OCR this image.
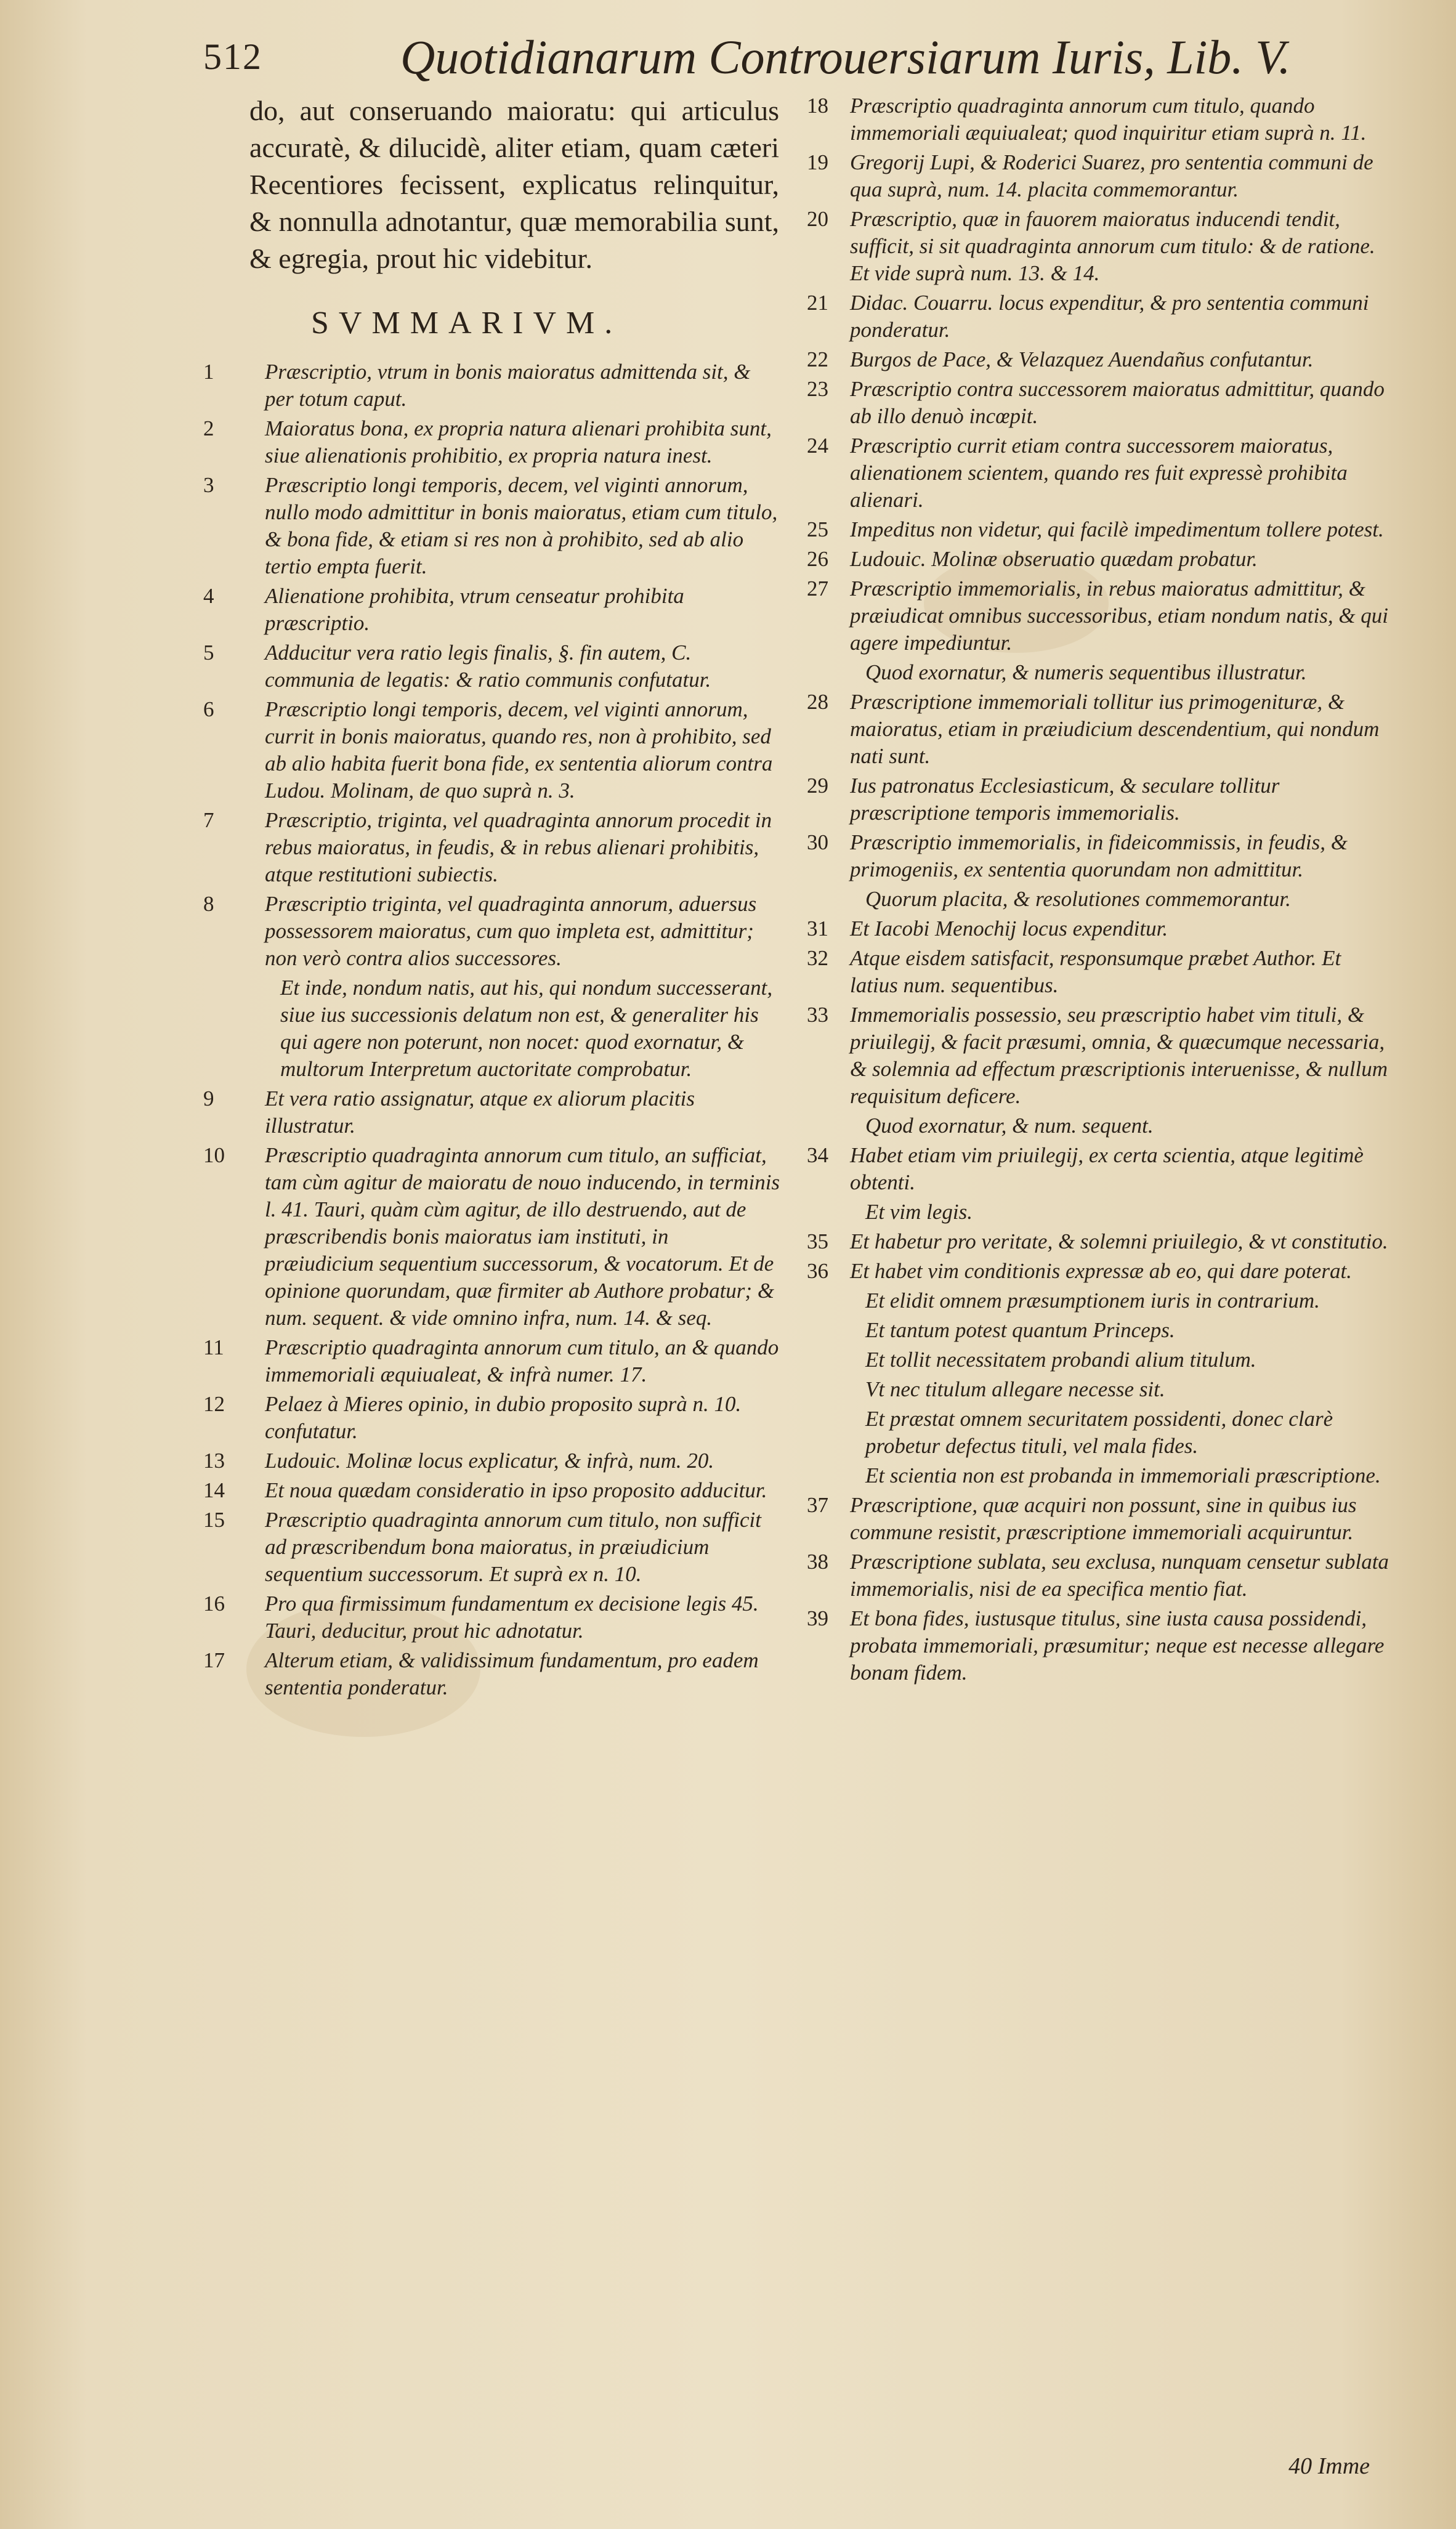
512	Quotidianarum Controuersiarum Iuris, Lib. V.

do, aut conseruando maioratu: qui articulus accuratè, & dilucidè, aliter etiam, quam cæteri Recentiores fecissent, explicatus relinquitur, & nonnulla adnotantur, quæ memorabilia sunt, & egregia, prout hic videbitur.

SVMMARIVM.
1 Præscriptio, vtrum in bonis maioratus admittenda sit, & per totum caput.
2 Maioratus bona, ex propria natura alienari prohibita sunt, siue alienationis prohibitio, ex propria natura inest.
3 Præscriptio longi temporis, decem, vel viginti annorum, nullo modo admittitur in bonis maioratus, etiam cum titulo, & bona fide, & etiam si res non à prohibito, sed ab alio tertio empta fuerit.
4 Alienatione prohibita, vtrum censeatur prohibita præscriptio.
5 Adducitur vera ratio legis finalis, §. fin autem, C. communia de legatis: & ratio communis confutatur.
6 Præscriptio longi temporis, decem, vel viginti annorum, currit in bonis maioratus, quando res, non à prohibito, sed ab alio habita fuerit bona fide, ex sententia aliorum contra Ludou. Molinam, de quo suprà n. 3.
7 Præscriptio, triginta, vel quadraginta annorum procedit in rebus maioratus, in feudis, & in rebus alienari prohibitis, atque restitutioni subiectis.
8 Præscriptio triginta, vel quadraginta annorum, aduersus possessorem maioratus, cum quo impleta est, admittitur; non verò contra alios successores.
Et inde, nondum natis, aut his, qui nondum successerant, siue ius successionis delatum non est, & generaliter his qui agere non poterunt, non nocet: quod exornatur, & multorum Interpretum auctoritate comprobatur.
9 Et vera ratio assignatur, atque ex aliorum placitis illustratur.
10 Præscriptio quadraginta annorum cum titulo, an sufficiat, tam cùm agitur de maioratu de nouo inducendo, in terminis l. 41. Tauri, quàm cùm agitur, de illo destruendo, aut de præscribendis bonis maioratus iam instituti, in præiudicium sequentium successorum, & vocatorum. Et de opinione quorundam, quæ firmiter ab Authore probatur; & num. sequent. & vide omnino infra, num. 14. & seq.
11 Præscriptio quadraginta annorum cum titulo, an & quando immemoriali æquiualeat, & infrà numer. 17.
12 Pelaez à Mieres opinio, in dubio proposito suprà n. 10. confutatur.
13 Ludouic. Molinæ locus explicatur, & infrà, num. 20.
14 Et noua quædam consideratio in ipso proposito adducitur.
15 Præscriptio quadraginta annorum cum titulo, non sufficit ad præscribendum bona maioratus, in præiudicium sequentium successorum. Et suprà ex n. 10.
16 Pro qua firmissimum fundamentum ex decisione legis 45. Tauri, deducitur, prout hic adnotatur.
17 Alterum etiam, & validissimum fundamentum, pro eadem sententia ponderatur.
18 Præscriptio quadraginta annorum cum titulo, quando immemoriali æquiualeat; quod inquiritur etiam suprà n. 11.
19 Gregorij Lupi, & Roderici Suarez, pro sententia communi de qua suprà, num. 14. placita commemorantur.
20 Præscriptio, quæ in fauorem maioratus inducendi tendit, sufficit, si sit quadraginta annorum cum titulo: & de ratione. Et vide suprà num. 13. & 14.
21 Didac. Couarru. locus expenditur, & pro sententia communi ponderatur.
22 Burgos de Pace, & Velazquez Auendañus confutantur.
23 Præscriptio contra successorem maioratus admittitur, quando ab illo denuò incœpit.
24 Præscriptio currit etiam contra successorem maioratus, alienationem scientem, quando res fuit expressè prohibita alienari.
25 Impeditus non videtur, qui facilè impedimentum tollere potest.
26 Ludouic. Molinæ obseruatio quædam probatur.
27 Præscriptio immemorialis, in rebus maioratus admittitur, & præiudicat omnibus successoribus, etiam nondum natis, & qui agere impediuntur.
Quod exornatur, & numeris sequentibus illustratur.
28 Præscriptione immemoriali tollitur ius primogenituræ, & maioratus, etiam in præiudicium descendentium, qui nondum nati sunt.
29 Ius patronatus Ecclesiasticum, & seculare tollitur præscriptione temporis immemorialis.
30 Præscriptio immemorialis, in fideicommissis, in feudis, & primogeniis, ex sententia quorundam non admittitur.
Quorum placita, & resolutiones commemorantur.
31 Et Iacobi Menochij locus expenditur.
32 Atque eisdem satisfacit, responsumque præbet Author. Et latius num. sequentibus.
33 Immemorialis possessio, seu præscriptio habet vim tituli, & priuilegij, & facit præsumi, omnia, & quæcumque necessaria, & solemnia ad effectum præscriptionis interuenisse, & nullum requisitum deficere.
Quod exornatur, & num. sequent.
34 Habet etiam vim priuilegij, ex certa scientia, atque legitimè obtenti.
Et vim legis.
35 Et habetur pro veritate, & solemni priuilegio, & vt constitutio.
36 Et habet vim conditionis expressæ ab eo, qui dare poterat.
Et elidit omnem præsumptionem iuris in contrarium.
Et tantum potest quantum Princeps.
Et tollit necessitatem probandi alium titulum.
Vt nec titulum allegare necesse sit.
Et præstat omnem securitatem possidenti, donec clarè probetur defectus tituli, vel mala fides.
Et scientia non est probanda in immemoriali præscriptione.
37 Præscriptione, quæ acquiri non possunt, sine in quibus ius commune resistit, præscriptione immemoriali acquiruntur.
38 Præscriptione sublata, seu exclusa, nunquam censetur sublata immemorialis, nisi de ea specifica mentio fiat.
39 Et bona fides, iustusque titulus, sine iusta causa possidendi, probata immemoriali, præsumitur; neque est necesse allegare bonam fidem.
40 Imme
